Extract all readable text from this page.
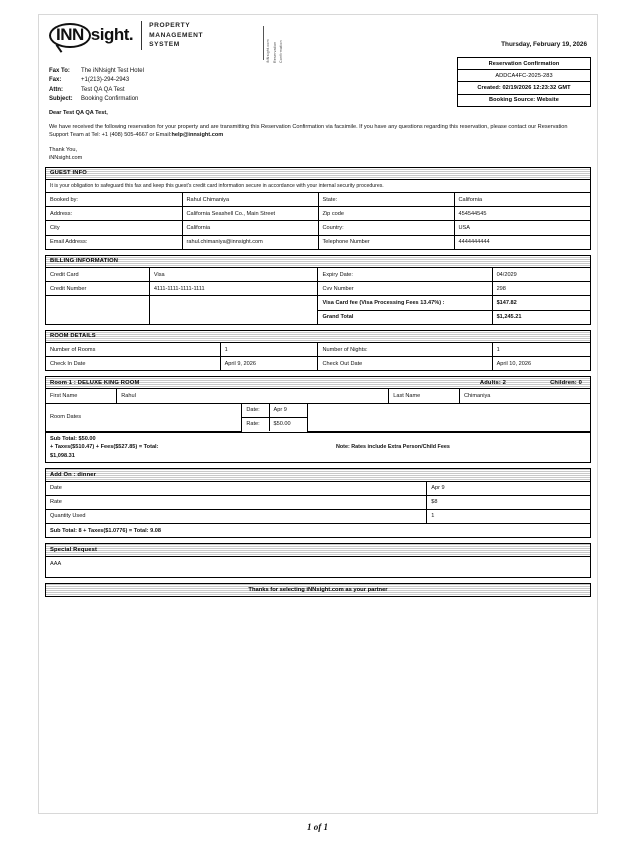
INN sight. PROPERTY
MANAGEMENT
SYSTEM	iNNsight.com Reservation Confirmation	Thursday, February 19, 2026
Fax To:	The iNNsight Test Hotel
Fax:	+1(213)-294-2943
Attn:	Test QA QA Test
Subject:	Booking Confirmation
Reservation Confirmation
ADDCA4FC-2025-283
Created: 02/19/2026 12:23:32 GMT
Booking Source: Website
Dear Test QA QA Test,

We have received the following reservation for your property and are transmitting this Reservation Confirmation via facsimile. If you have any questions regarding this reservation, please contact our Reservation Support Team at Tel: +1 (408) 505-4667 or Email:help@innsight.com

Thank You,
iNNsight.com
GUEST INFO
It is your obligation to safeguard this fax and keep this guest's credit card information secure in accordance with your internal security procedures.
Booked by:	Rahul Chimaniya	State:	California
Address:	California Seashell Co., Main Street	Zip code	454544545
City	California	Country:	USA
Email Address:	rahul.chimaniya@innsight.com	Telephone Number	4444444444
BILLING INFORMATION
Credit Card	Visa	Expiry Date:	04/2029
Credit Number	4111-1111-1111-1111	Cvv Number	298
		Visa Card fee (Visa Processing Fees 13.47%) :	$147.82
		Grand Total	$1,245.21
ROOM DETAILS
Number of Rooms	1	Number of Nights:	1
Check In Date	April 9, 2026	Check Out Date	April 10, 2026
Room 1 : DELUXE KING ROOM	Adults: 2	Children: 0
First Name	Rahul	Last Name	Chimaniya
Room Dates	Date:	Apr 9	
	Rate:	$50.00	
Sub Total: $50.00
+ Taxes($510.47) + Fees($527.85) = Total:
$1,098.31
Note: Rates include Extra Person/Child Fees
Add On : dinner
Date	Apr 9
Rate	$8
Quantity Used	1
Sub Total: 8 + Taxes($1.0776) = Total: 9.08
Special Request
AAA
Thanks for selecting iNNsight.com as your partner
1 of 1
